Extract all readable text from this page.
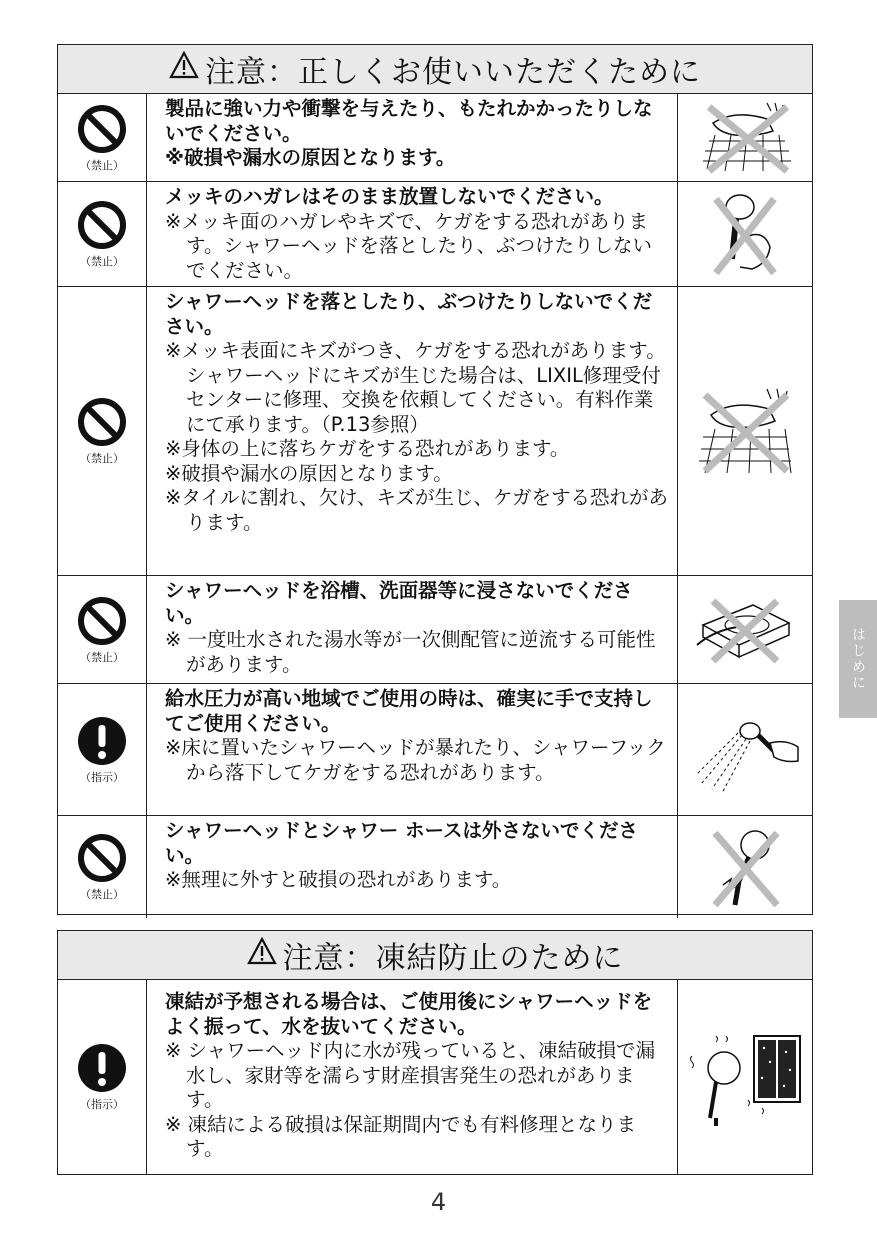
注意：正しくお使いいただくために
（禁止）
製品に強い力や衝撃を与えたり、もたれかかったりしないでください。
※破損や漏水の原因となります。
（禁止）
メッキのハガレはそのまま放置しないでください。
※メッキ面のハガレやキズで、ケガをする恐れがあります。シャワーヘッドを落としたり、ぶつけたりしないでください。
（禁止）
シャワーヘッドを落としたり、ぶつけたりしないでください。
※メッキ表面にキズがつき、ケガをする恐れがあります。シャワーヘッドにキズが生じた場合は、LIXIL修理受付センターに修理、交換を依頼してください。有料作業にて承ります。（P.13参照）
※身体の上に落ちケガをする恐れがあります。
※破損や漏水の原因となります。
※タイルに割れ、欠け、キズが生じ、ケガをする恐れがあります。
（禁止）
シャワーヘッドを浴槽、洗面器等に浸さないでください。
※ 一度吐水された湯水等が一次側配管に逆流する可能性があります。
（指示）
給水圧力が高い地域でご使用の時は、確実に手で支持してご使用ください。
※床に置いたシャワーヘッドが暴れたり、シャワーフックから落下してケガをする恐れがあります。
（禁止）
シャワーヘッドとシャワー ホースは外さないでください。
※無理に外すと破損の恐れがあります。
注意：凍結防止のために
（指示）
凍結が予想される場合は、ご使用後にシャワーヘッドをよく振って、水を抜いてください。
※ シャワーヘッド内に水が残っていると、凍結破損で漏水し、家財等を濡らす財産損害発生の恐れがあります。
※ 凍結による破損は保証期間内でも有料修理となります。
はじめに
4
